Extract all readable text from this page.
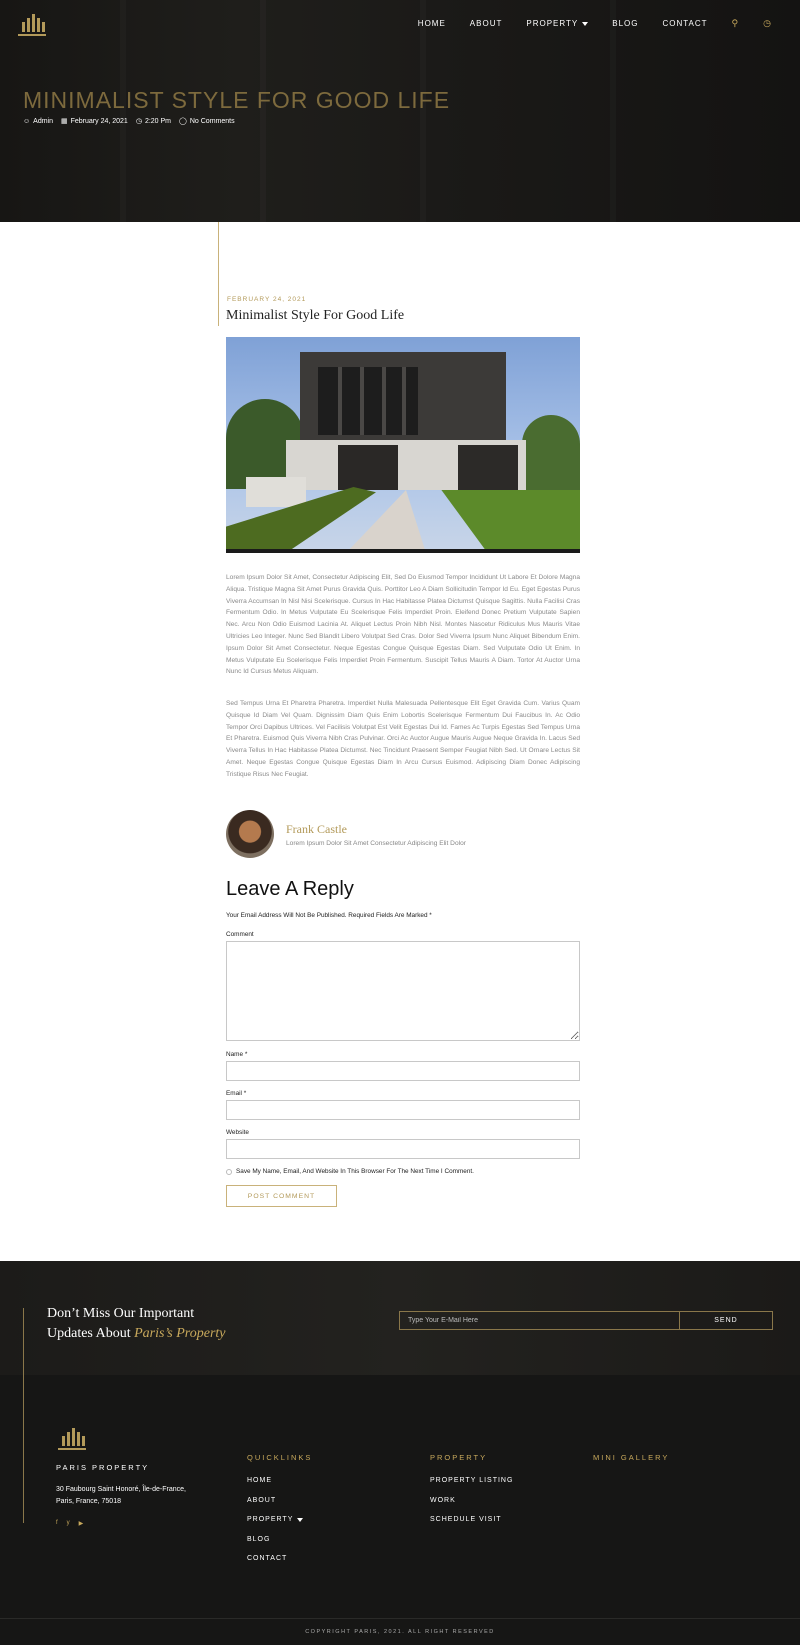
HOME	ABOUT	PROPERTY	BLOG	CONTACT	⚲	◷
MINIMALIST STYLE FOR GOOD LIFE
☺ Admin ▦ February 24, 2021 ◷ 2:20 Pm ◯ No Comments
FEBRUARY 24, 2021
Minimalist Style For Good Life

Lorem Ipsum Dolor Sit Amet, Consectetur Adipiscing Elit, Sed Do Eiusmod Tempor Incididunt Ut Labore Et Dolore Magna Aliqua. Tristique Magna Sit Amet Purus Gravida Quis. Porttitor Leo A Diam Sollicitudin Tempor Id Eu. Eget Egestas Purus Viverra Accumsan In Nisl Nisi Scelerisque. Cursus In Hac Habitasse Platea Dictumst Quisque Sagittis. Nulla Facilisi Cras Fermentum Odio. In Metus Vulputate Eu Scelerisque Felis Imperdiet Proin. Eleifend Donec Pretium Vulputate Sapien Nec. Arcu Non Odio Euismod Lacinia At. Aliquet Lectus Proin Nibh Nisl. Montes Nascetur Ridiculus Mus Mauris Vitae Ultricies Leo Integer. Nunc Sed Blandit Libero Volutpat Sed Cras. Dolor Sed Viverra Ipsum Nunc Aliquet Bibendum Enim. Ipsum Dolor Sit Amet Consectetur. Neque Egestas Congue Quisque Egestas Diam. Sed Vulputate Odio Ut Enim. In Metus Vulputate Eu Scelerisque Felis Imperdiet Proin Fermentum. Suscipit Tellus Mauris A Diam. Tortor At Auctor Urna Nunc Id Cursus Metus Aliquam.

Sed Tempus Urna Et Pharetra Pharetra. Imperdiet Nulla Malesuada Pellentesque Elit Eget Gravida Cum. Varius Quam Quisque Id Diam Vel Quam. Dignissim Diam Quis Enim Lobortis Scelerisque Fermentum Dui Faucibus In. Ac Odio Tempor Orci Dapibus Ultrices. Vel Facilisis Volutpat Est Velit Egestas Dui Id. Fames Ac Turpis Egestas Sed Tempus Urna Et Pharetra. Euismod Quis Viverra Nibh Cras Pulvinar. Orci Ac Auctor Augue Mauris Augue Neque Gravida In. Lacus Sed Viverra Tellus In Hac Habitasse Platea Dictumst. Nec Tincidunt Praesent Semper Feugiat Nibh Sed. Ut Ornare Lectus Sit Amet. Neque Egestas Congue Quisque Egestas Diam In Arcu Cursus Euismod. Adipiscing Diam Donec Adipiscing Tristique Risus Nec Feugiat.

Frank Castle
Lorem Ipsum Dolor Sit Amet Consectetur Adipiscing Elit Dolor
Leave A Reply
Your Email Address Will Not Be Published. Required Fields Are Marked *
Comment
Name *
Email *
Website
Save My Name, Email, And Website In This Browser For The Next Time I Comment.
POST COMMENT
Don’t Miss Our Important
Updates About Paris’s Property
Type Your E-Mail Here
SEND
PARIS PROPERTY
30 Faubourg Saint Honoré, Île-de-France,
Paris, France, 75018
f y ▶
QUICKLINKS
HOME
ABOUT
PROPERTY
BLOG
CONTACT
PROPERTY
PROPERTY LISTING
WORK
SCHEDULE VISIT
MINI GALLERY
COPYRIGHT PARIS, 2021. ALL RIGHT RESERVED
